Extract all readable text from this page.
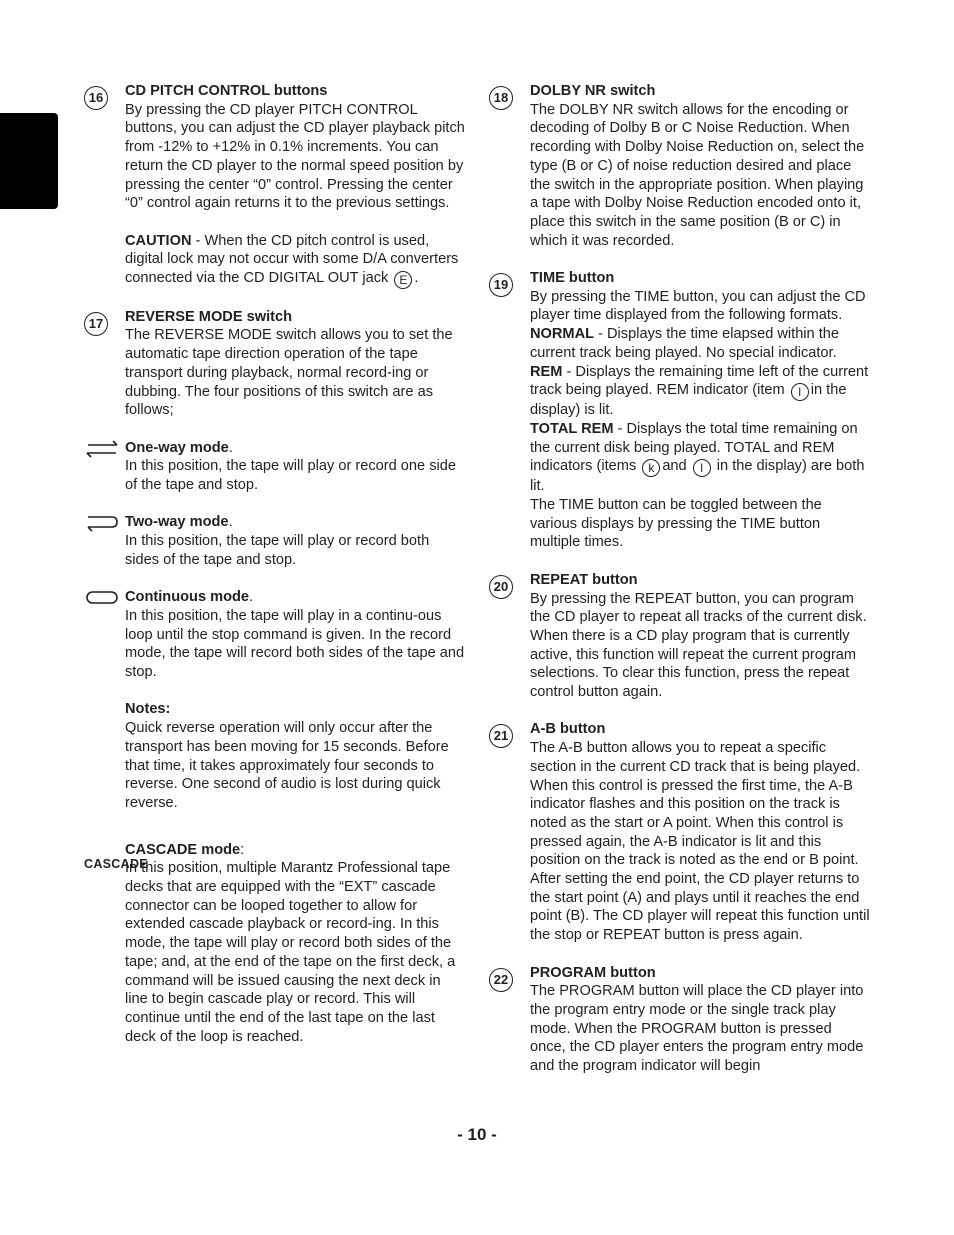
16	CD PITCH CONTROL buttons

By pressing the CD player PITCH CONTROL buttons, you can adjust the CD player playback pitch from -12% to +12% in 0.1% increments. You can return the CD player to the normal speed position by pressing the center “0” control. Pressing the center “0” control again returns it to the previous settings.

CAUTION - When the CD pitch control is used, digital lock may not occur with some D/A converters connected via the CD DIGITAL OUT jack E .

17	REVERSE MODE switch

The REVERSE MODE switch allows you to set the automatic tape direction operation of the tape transport during playback, normal record-ing or dubbing. The four positions of this switch are as follows;

One-way mode.

In this position, the tape will play or record one side of the tape and stop.

Two-way mode.

In this position, the tape will play or record both sides of the tape and stop.

Continuous mode.

In this position, the tape will play in a continu-ous loop until the stop command is given. In the record mode, the tape will record both sides of the tape and stop.

Notes:

Quick reverse operation will only occur after the transport has been moving for 15 seconds. Before that time, it takes approximately four seconds to reverse. One second of audio is lost during quick reverse.

CASCADE mode:

In this position, multiple Marantz Professional tape decks that are equipped with the “EXT” cascade connector can be looped together to allow for extended cascade playback or record-ing. In this mode, the tape will play or record both sides of the tape; and, at the end of the tape on the first deck, a command will be issued causing the next deck in line to begin cascade play or record. This will continue until the end of the last tape on the last deck of the loop is reached.

CASCADE
18	DOLBY NR switch

The DOLBY NR switch allows for the encoding or decoding of Dolby B or C Noise Reduction. When recording with Dolby Noise Reduction on, select the type (B or C) of noise reduction desired and place the switch in the appropriate position. When playing a tape with Dolby Noise Reduction encoded onto it, place this switch in the same position (B or C) in which it was recorded.

19	TIME button

By pressing the TIME button, you can adjust the CD player time displayed from the following formats.

NORMAL - Displays the time elapsed within the current track being played. No special indicator.

REM - Displays the remaining time left of the current track being played. REM indicator (item l in the display) is lit.

TOTAL REM - Displays the total time remaining on the current disk being played. TOTAL and REM indicators (items k and l in the display) are both lit.

The TIME button can be toggled between the various displays by pressing the TIME button multiple times.

20	REPEAT button

By pressing the REPEAT button, you can program the CD player to repeat all tracks of the current disk. When there is a CD play program that is currently active, this function will repeat the current program selections. To clear this function, press the repeat control button again.

21	A-B button

The A-B button allows you to repeat a specific section in the current CD track that is being played. When this control is pressed the first time, the A-B indicator flashes and this position on the track is noted as the start or A point. When this control is pressed again, the A-B indicator is lit and this position on the track is noted as the end or B point. After setting the end point, the CD player returns to the start point (A) and plays until it reaches the end point (B). The CD player will repeat this function until the stop or REPEAT button is press again.

22	PROGRAM button

The PROGRAM button will place the CD player into the program entry mode or the single track play mode. When the PROGRAM button is pressed once, the CD player enters the program entry mode and the program indicator will begin

- 10 -
